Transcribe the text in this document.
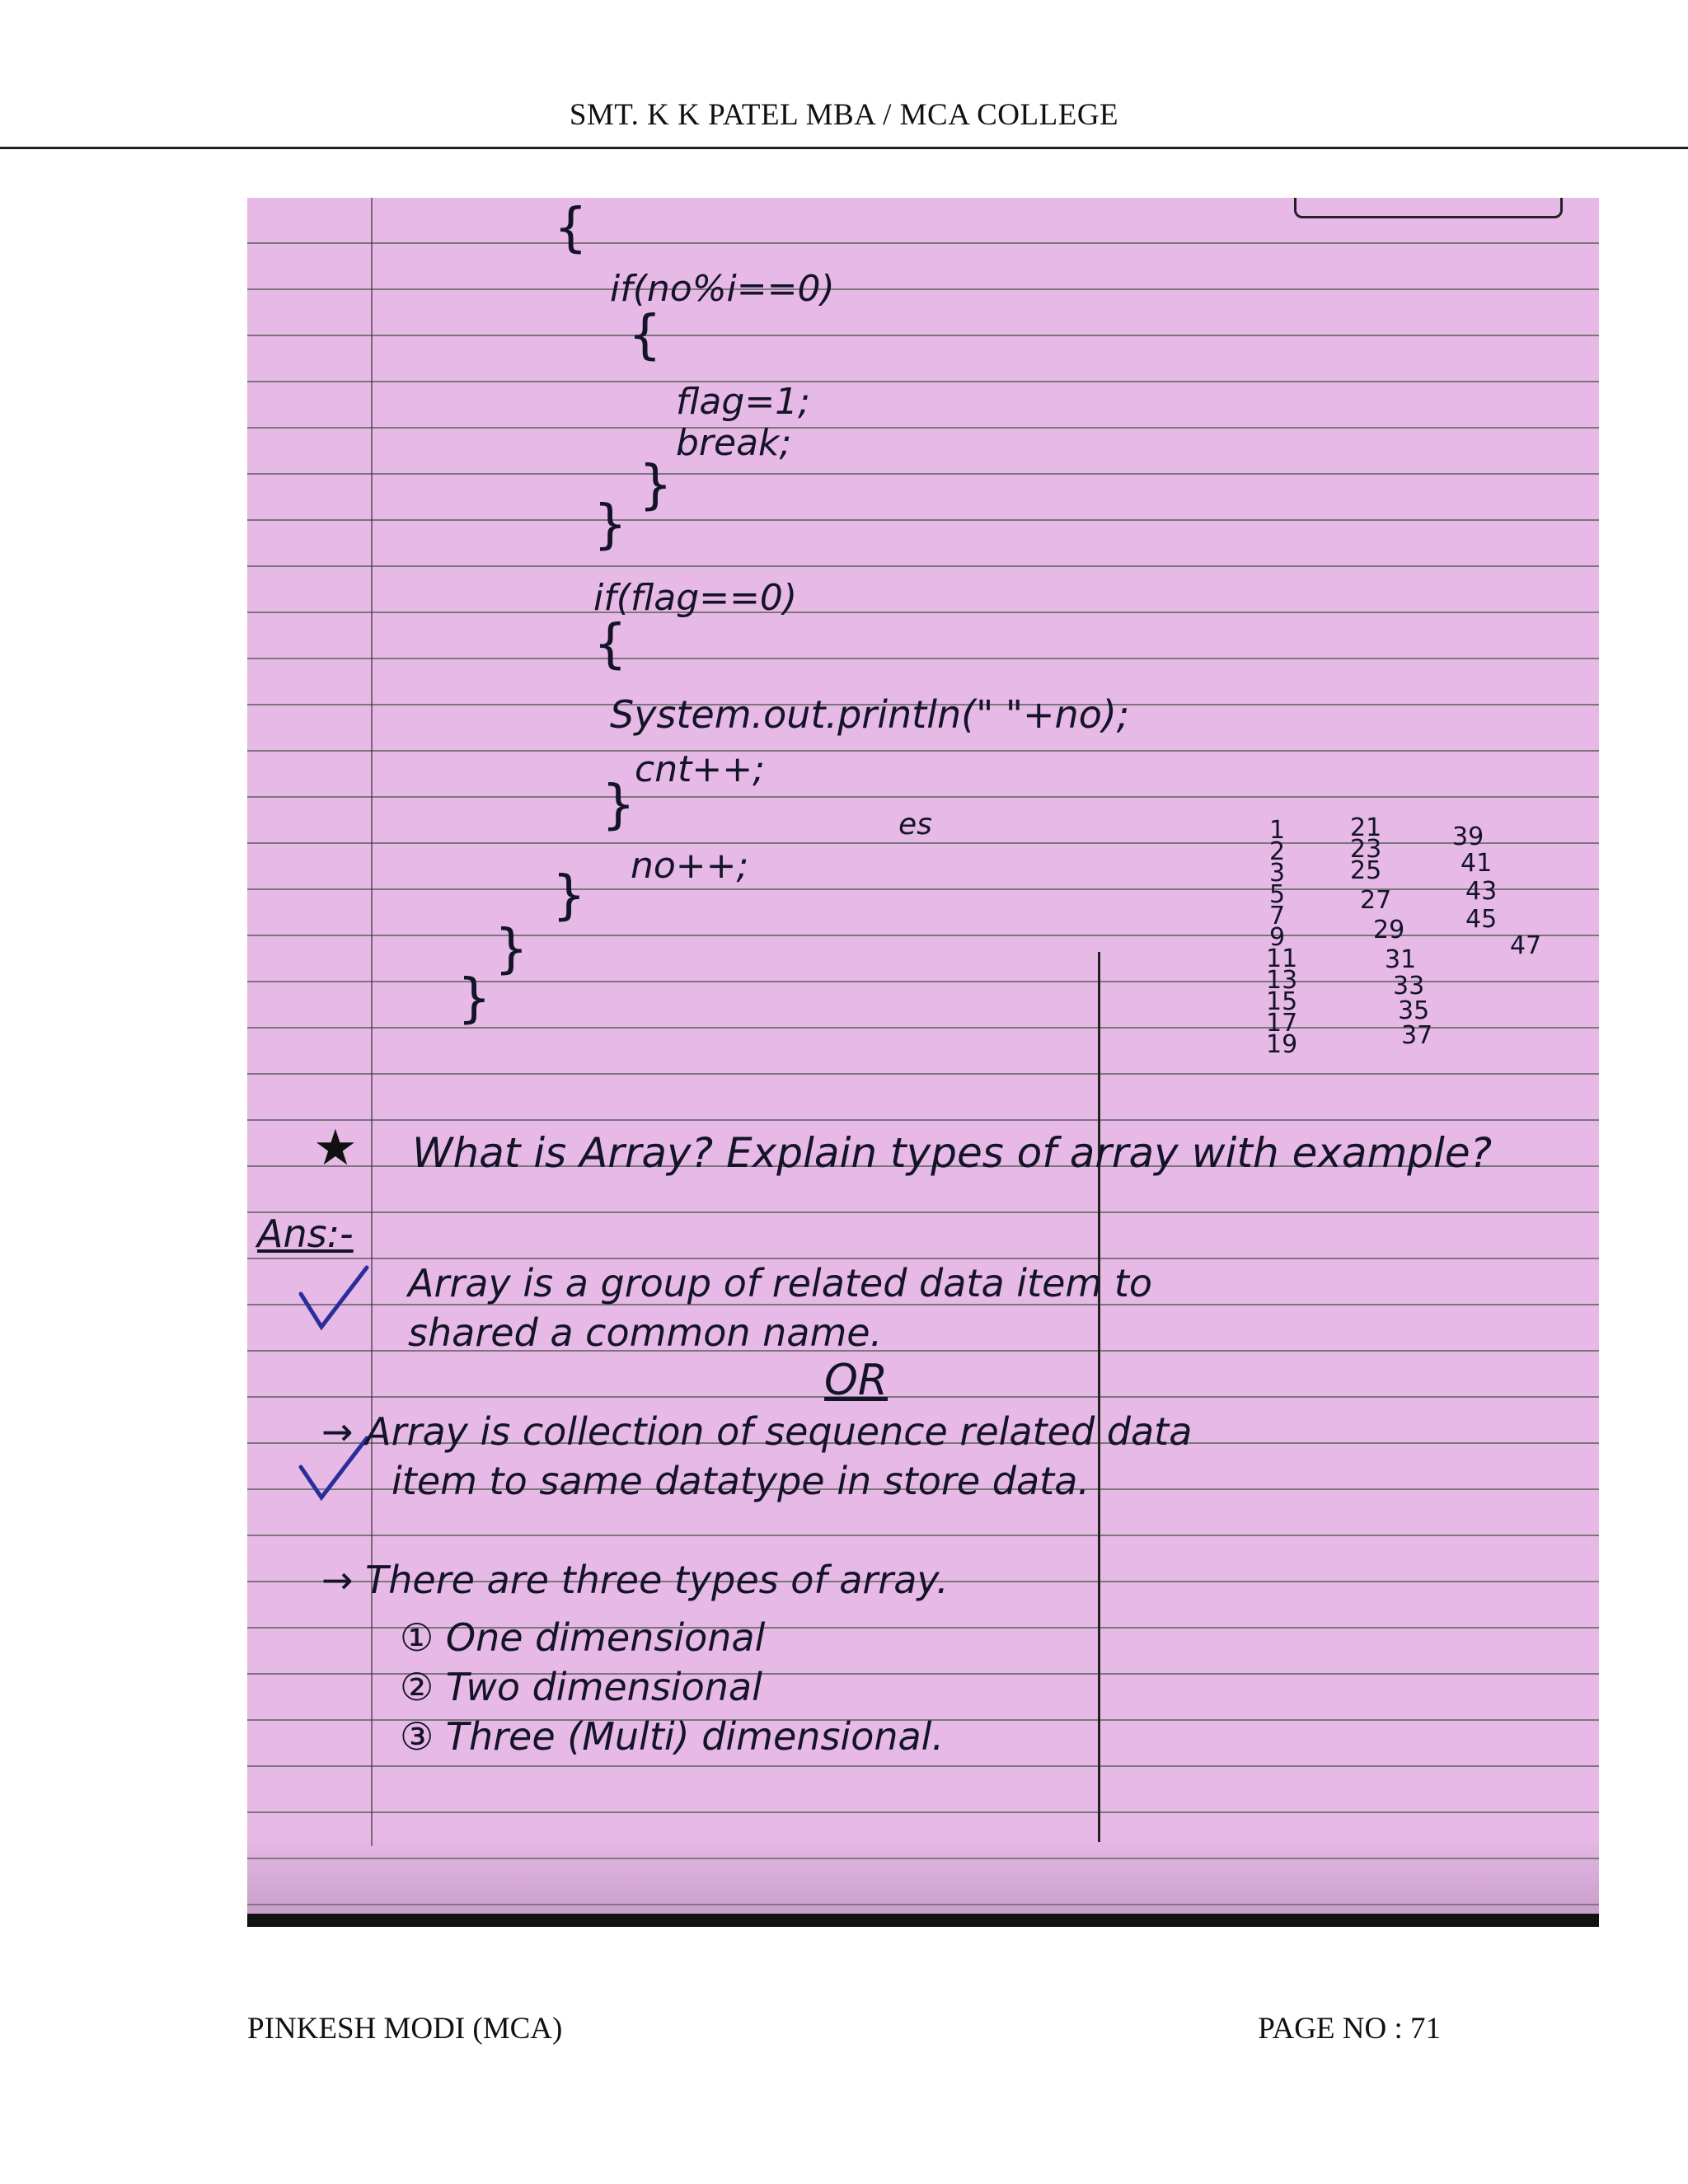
SMT. K K PATEL MBA / MCA COLLEGE
{
if(no%i==0)
{
flag=1;
break;
}
}
if(flag==0)
{
System.out.println(" "+no);
cnt++;
}
no++;
}
}
}
es	1
2
3
5
7
9
11
13
15
17
19
21
23
25
27
29
31
33
35
37
39
41
43
45
47
★ What is Array? Explain types of array with example?
Ans:-
Array is a group of related data item to
shared a common name.
OR
→ Array is collection of sequence related data
item to same datatype in store data.
→ There are three types of array.
① One dimensional
② Two dimensional
③ Three (Multi) dimensional.
PINKESH MODI (MCA)	PAGE NO : 71
